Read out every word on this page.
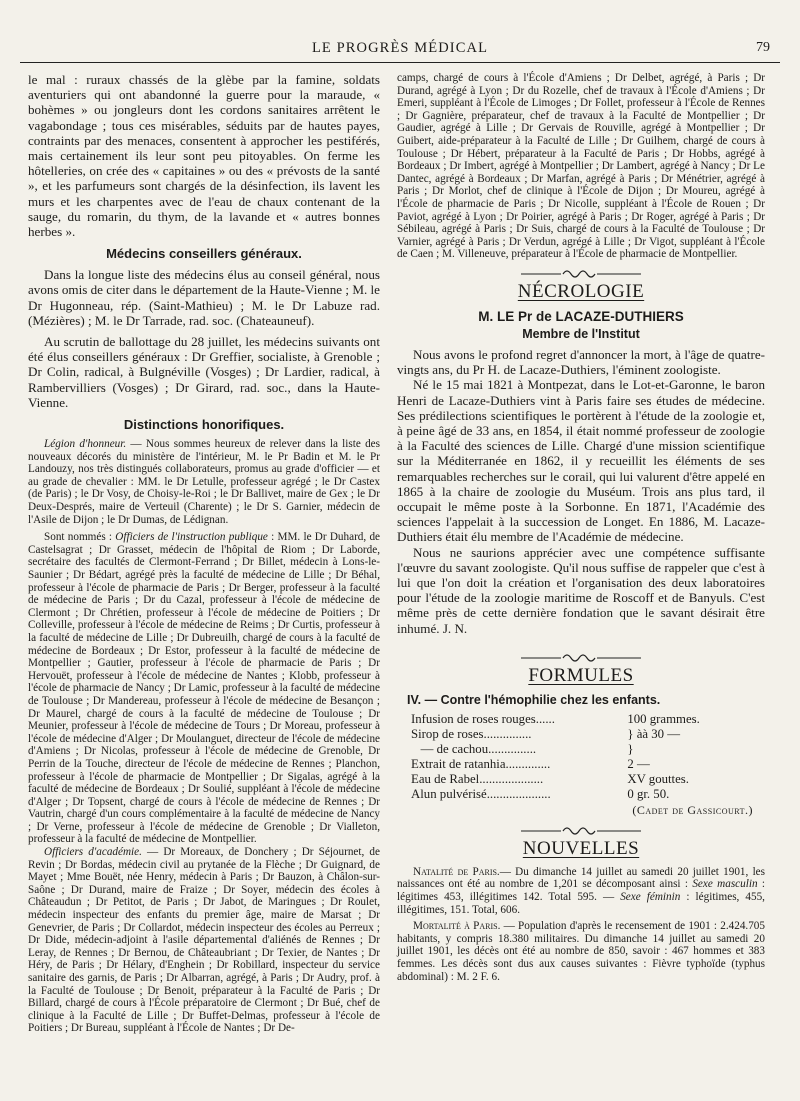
LE PROGRÈS MÉDICAL	79

le mal : ruraux chassés de la glèbe par la famine, soldats aventuriers qui ont abandonné la guerre pour la maraude, « bohèmes » ou jongleurs dont les cordons sanitaires arrêtent le vagabondage ; tous ces misérables, séduits par de hautes payes, contraints par des menaces, consentent à approcher les pestiférés, mais certainement ils leur sont peu pitoyables. On ferme les hôtelleries, on crée des « capitaines » ou des « prévosts de la santé », et les parfumeurs sont chargés de la désinfection, ils lavent les murs et les charpentes avec de l'eau de chaux contenant de la sauge, du romarin, du thym, de la lavande et « autres bonnes herbes ».

Médecins conseillers généraux.

Dans la longue liste des médecins élus au conseil général, nous avons omis de citer dans le département de la Haute-Vienne ; M. le Dr Hugonneau, rép. (Saint-Mathieu) ; M. le Dr Labuze rad. (Mézières) ; M. le Dr Tarrade, rad. soc. (Chateauneuf).

Au scrutin de ballottage du 28 juillet, les médecins suivants ont été élus conseillers généraux : Dr Greffier, socialiste, à Grenoble ; Dr Colin, radical, à Bulgnéville (Vosges) ; Dr Lardier, radical, à Rambervilliers (Vosges) ; Dr Girard, rad. soc., dans la Haute-Vienne.

Distinctions honorifiques.

Légion d'honneur. — Nous sommes heureux de relever dans la liste des nouveaux décorés du ministère de l'intérieur, M. le Pr Badin et M. le Pr Landouzy, nos très distingués collaborateurs, promus au grade d'officier — et au grade de chevalier : MM. le Dr Letulle, professeur agrégé ; le Dr Castex (de Paris) ; le Dr Vosy, de Choisy-le-Roi ; le Dr Ballivet, maire de Gex ; le Dr Deux-Després, maire de Verteuil (Charente) ; le Dr S. Garnier, médecin de l'Asile de Dijon ; le Dr Dumas, de Lédignan.

Sont nommés : Officiers de l'instruction publique : MM. le Dr Duhard, de Castelsagrat ; Dr Grasset, médecin de l'hôpital de Riom ; Dr Laborde, secrétaire des facultés de Clermont-Ferrand ; Dr Billet, médecin à Lons-le-Saunier ; Dr Bédart, agrégé près la faculté de médecine de Lille ; Dr Béhal, professeur à l'école de pharmacie de Paris ; Dr Berger, professeur à la faculté de médecine de Paris ; Dr du Cazal, professeur à l'école de médecine de Clermont ; Dr Chrétien, professeur à l'école de médecine de Poitiers ; Dr Colleville, professeur à l'école de médecine de Reims ; Dr Curtis, professeur à la faculté de médecine de Lille ; Dr Dubreuilh, chargé de cours à la faculté de médecine de Bordeaux ; Dr Estor, professeur à la faculté de médecine de Montpellier ; Gautier, professeur à l'école de pharmacie de Paris ; Dr Hervouët, professeur à l'école de médecine de Nantes ; Klobb, professeur à l'école de pharmacie de Nancy ; Dr Lamic, professeur à la faculté de médecine de Toulouse ; Dr Mandereau, professeur à l'école de médecine de Besançon ; Dr Maurel, chargé de cours à la faculté de médecine de Toulouse ; Dr Meunier, professeur à l'école de médecine de Tours ; Dr Moreau, professeur à l'école de médecine d'Alger ; Dr Moulanguet, directeur de l'école de médecine d'Amiens ; Dr Nicolas, professeur à l'école de médecine de Grenoble, Dr Perrin de la Touche, directeur de l'école de médecine de Rennes ; Planchon, professeur à l'école de pharmacie de Montpellier ; Dr Sigalas, agrégé à la faculté de médecine de Bordeaux ; Dr Soulié, suppléant à l'école de médecine d'Alger ; Dr Topsent, chargé de cours à l'école de médecine de Rennes ; Dr Vautrin, chargé d'un cours complémentaire à la faculté de médecine de Nancy ; Dr Verne, professeur à l'école de médecine de Grenoble ; Dr Vialleton, professeur à la faculté de médecine de Montpellier.

Officiers d'académie. — Dr Moreaux, de Donchery ; Dr Séjournet, de Revin ; Dr Bordas, médecin civil au prytanée de la Flèche ; Dr Guignard, de Mayet ; Mme Bouët, née Henry, médecin à Paris ; Dr Bauzon, à Châlon-sur-Saône ; Dr Durand, maire de Fraize ; Dr Soyer, médecin des écoles à Châteaudun ; Dr Petitot, de Paris ; Dr Jabot, de Maringues ; Dr Roulet, médecin inspecteur des enfants du premier âge, maire de Marsat ; Dr Genevrier, de Paris ; Dr Collardot, médecin inspecteur des écoles au Perreux ; Dr Dide, médecin-adjoint à l'asile départemental d'aliénés de Rennes ; Dr Leray, de Rennes ; Dr Bernou, de Châteaubriant ; Dr Texier, de Nantes ; Dr Héry, de Paris ; Dr Hélary, d'Enghein ; Dr Robillard, inspecteur du service sanitaire des garnis, de Paris ; Dr Albarran, agrégé, à Paris ; Dr Audry, prof. à la Faculté de Toulouse ; Dr Benoit, préparateur à la Faculté de Paris ; Dr Billard, chargé de cours à l'École préparatoire de Clermont ; Dr Bué, chef de clinique à la Faculté de Lille ; Dr Buffet-Delmas, professeur à l'école de Poitiers ; Dr Bureau, suppléant à l'École de Nantes ; Dr De-

camps, chargé de cours à l'École d'Amiens ; Dr Delbet, agrégé, à Paris ; Dr Durand, agrégé à Lyon ; Dr du Rozelle, chef de travaux à l'École d'Amiens ; Dr Emeri, suppléant à l'École de Limoges ; Dr Follet, professeur à l'École de Rennes ; Dr Gagnière, préparateur, chef de travaux à la Faculté de Montpellier ; Dr Gaudier, agrégé à Lille ; Dr Gervais de Rouville, agrégé à Montpellier ; Dr Guibert, aide-préparateur à la Faculté de Lille ; Dr Guilhem, chargé de cours à Toulouse ; Dr Hébert, préparateur à la Faculté de Paris ; Dr Hobbs, agrégé à Bordeaux ; Dr Imbert, agrégé à Montpellier ; Dr Lambert, agrégé à Nancy ; Dr Le Dantec, agrégé à Bordeaux ; Dr Marfan, agrégé à Paris ; Dr Ménétrier, agrégé à Paris ; Dr Morlot, chef de clinique à l'École de Dijon ; Dr Moureu, agrégé à l'École de pharmacie de Paris ; Dr Nicolle, suppléant à l'École de Rouen ; Dr Paviot, agrégé à Lyon ; Dr Poirier, agrégé à Paris ; Dr Roger, agrégé à Paris ; Dr Sébileau, agrégé à Paris ; Dr Suis, chargé de cours à la Faculté de Toulouse ; Dr Varnier, agrégé à Paris ; Dr Verdun, agrégé à Lille ; Dr Vigot, suppléant à l'École de Caen ; M. Villeneuve, préparateur à l'École de pharmacie de Montpellier.

NÉCROLOGIE
M. LE Pr de LACAZE-DUTHIERS
Membre de l'Institut

Nous avons le profond regret d'annoncer la mort, à l'âge de quatre-vingts ans, du Pr H. de Lacaze-Duthiers, l'éminent zoologiste.

Né le 15 mai 1821 à Montpezat, dans le Lot-et-Garonne, le baron Henri de Lacaze-Duthiers vint à Paris faire ses études de médecine. Ses prédilections scientifiques le portèrent à l'étude de la zoologie et, à peine âgé de 33 ans, en 1854, il était nommé professeur de zoologie à la Faculté des sciences de Lille. Chargé d'une mission scientifique sur la Méditerranée en 1862, il y recueillit les éléments de ses remarquables recherches sur le corail, qui lui valurent d'être appelé en 1865 à la chaire de zoologie du Muséum. Trois ans plus tard, il occupait le même poste à la Sorbonne. En 1871, l'Académie des sciences l'appelait à la succession de Longet. En 1886, M. Lacaze-Duthiers était élu membre de l'Académie de médecine.

Nous ne saurions apprécier avec une compétence suffisante l'œuvre du savant zoologiste. Qu'il nous suffise de rappeler que c'est à lui que l'on doit la création et l'organisation des deux laboratoires pour l'étude de la zoologie maritime de Roscoff et de Banyuls. C'est même près de cette dernière fondation que le savant désirait être inhumé. J. N.

FORMULES
IV. — Contre l'hémophilie chez les enfants.
Infusion de roses rouges......	100 grammes.
Sirop de roses...............	} àà 30 —
— de cachou...............	}
Extrait de ratanhia..............	2 —
Eau de Rabel....................	XV gouttes.
Alun pulvérisé....................	0 gr. 50.
(Cadet de Gassicourt.)
NOUVELLES

Natalité de Paris.— Du dimanche 14 juillet au samedi 20 juillet 1901, les naissances ont été au nombre de 1,201 se décomposant ainsi : Sexe masculin : légitimes 453, illégitimes 142. Total 595. — Sexe féminin : légitimes, 455, illégitimes, 151. Total, 606.

Mortalité à Paris. — Population d'après le recensement de 1901 : 2.424.705 habitants, y compris 18.380 militaires. Du dimanche 14 juillet au samedi 20 juillet 1901, les décès ont été au nombre de 850, savoir : 467 hommes et 383 femmes. Les décès sont dus aux causes suivantes : Fièvre typhoïde (typhus abdominal) : M. 2 F. 6.
